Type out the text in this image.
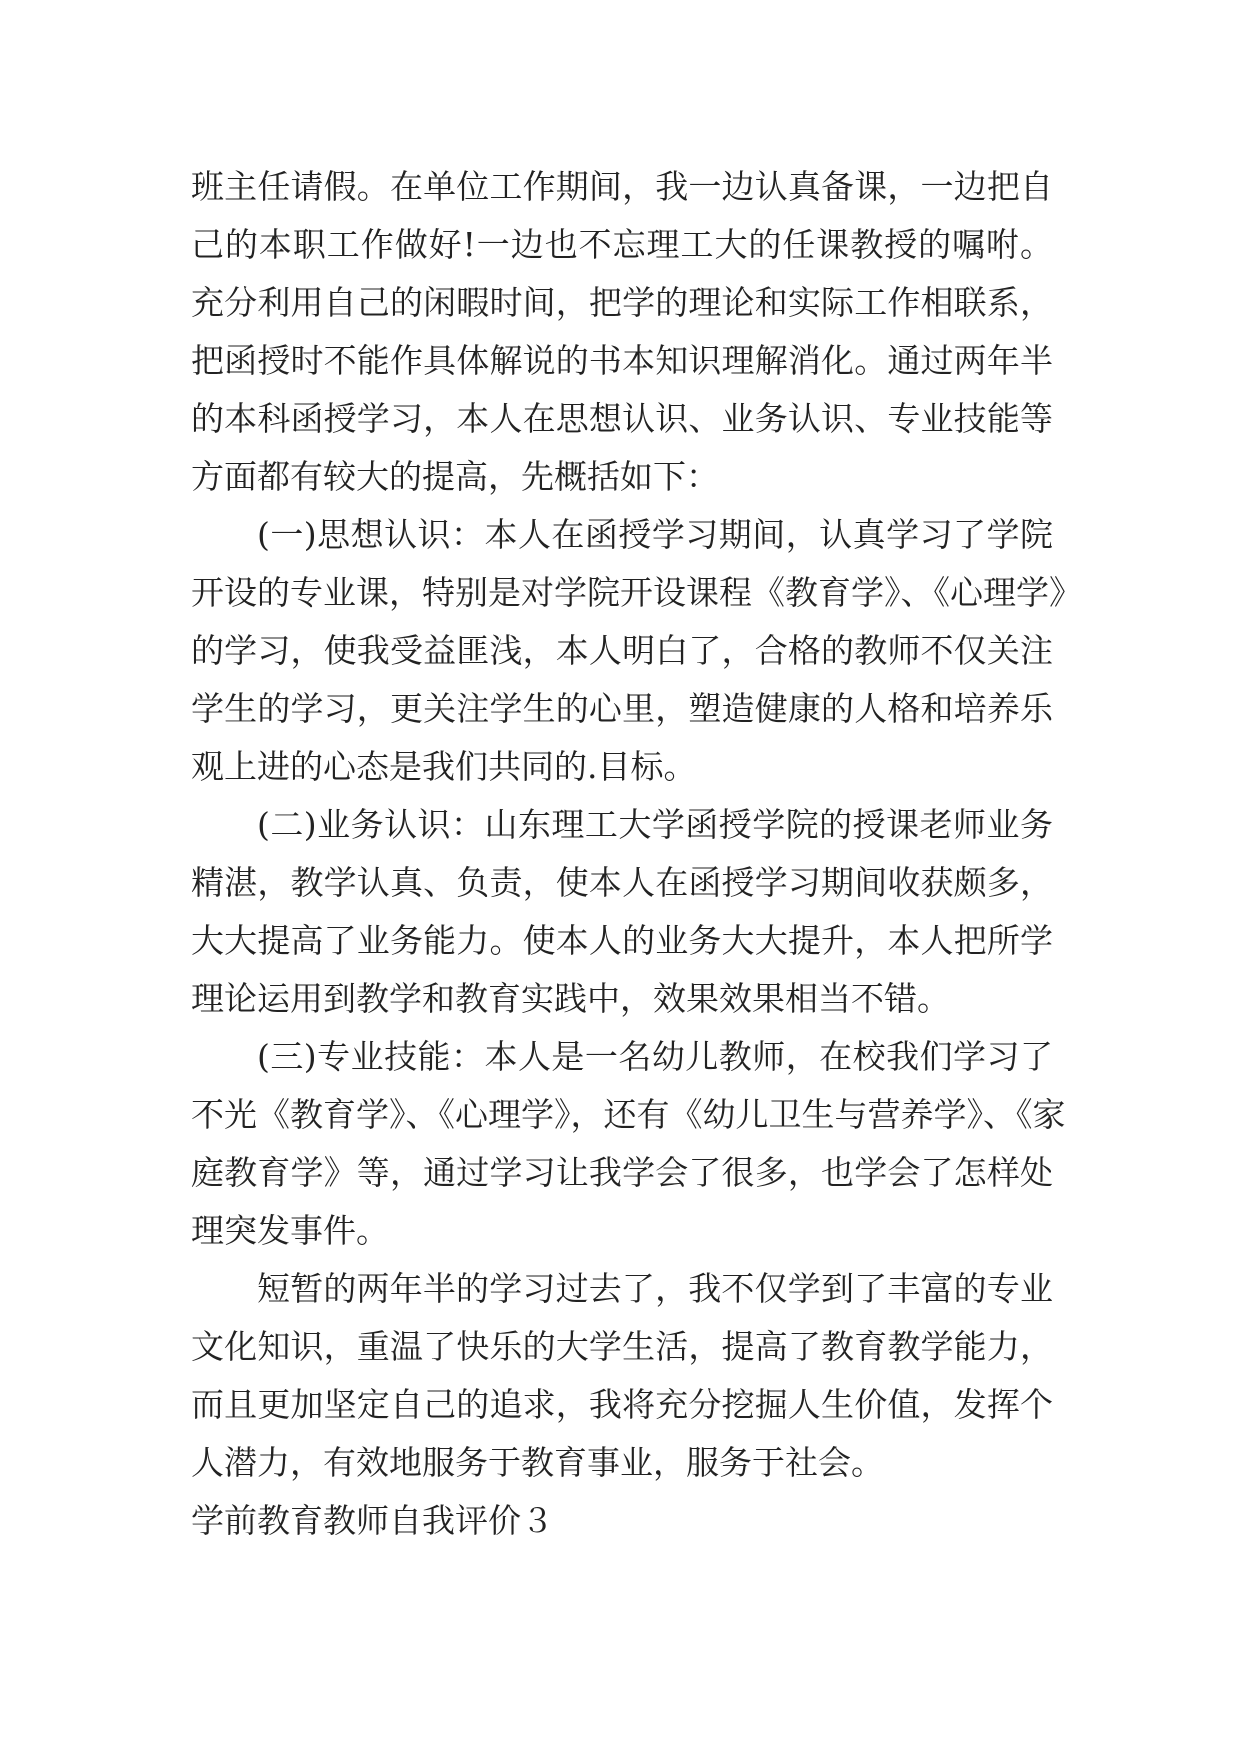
班主任请假。在单位工作期间，我一边认真备课，一边把自
己的本职工作做好!一边也不忘理工大的任课教授的嘱咐。
充分利用自己的闲暇时间，把学的理论和实际工作相联系，
把函授时不能作具体解说的书本知识理解消化。通过两年半
的本科函授学习，本人在思想认识、业务认识、专业技能等
方面都有较大的提高，先概括如下：
(一)思想认识：本人在函授学习期间，认真学习了学院
开设的专业课，特别是对学院开设课程《教育学》、《心理学》
的学习，使我受益匪浅，本人明白了，合格的教师不仅关注
学生的学习，更关注学生的心里，塑造健康的人格和培养乐
观上进的心态是我们共同的.目标。
(二)业务认识：山东理工大学函授学院的授课老师业务
精湛，教学认真、负责，使本人在函授学习期间收获颇多，
大大提高了业务能力。使本人的业务大大提升，本人把所学
理论运用到教学和教育实践中，效果效果相当不错。
(三)专业技能：本人是一名幼儿教师，在校我们学习了
不光《教育学》、《心理学》，还有《幼儿卫生与营养学》、《家
庭教育学》等，通过学习让我学会了很多，也学会了怎样处
理突发事件。
短暂的两年半的学习过去了，我不仅学到了丰富的专业
文化知识，重温了快乐的大学生活，提高了教育教学能力，
而且更加坚定自己的追求，我将充分挖掘人生价值，发挥个
人潜力，有效地服务于教育事业，服务于社会。
学前教育教师自我评价３
